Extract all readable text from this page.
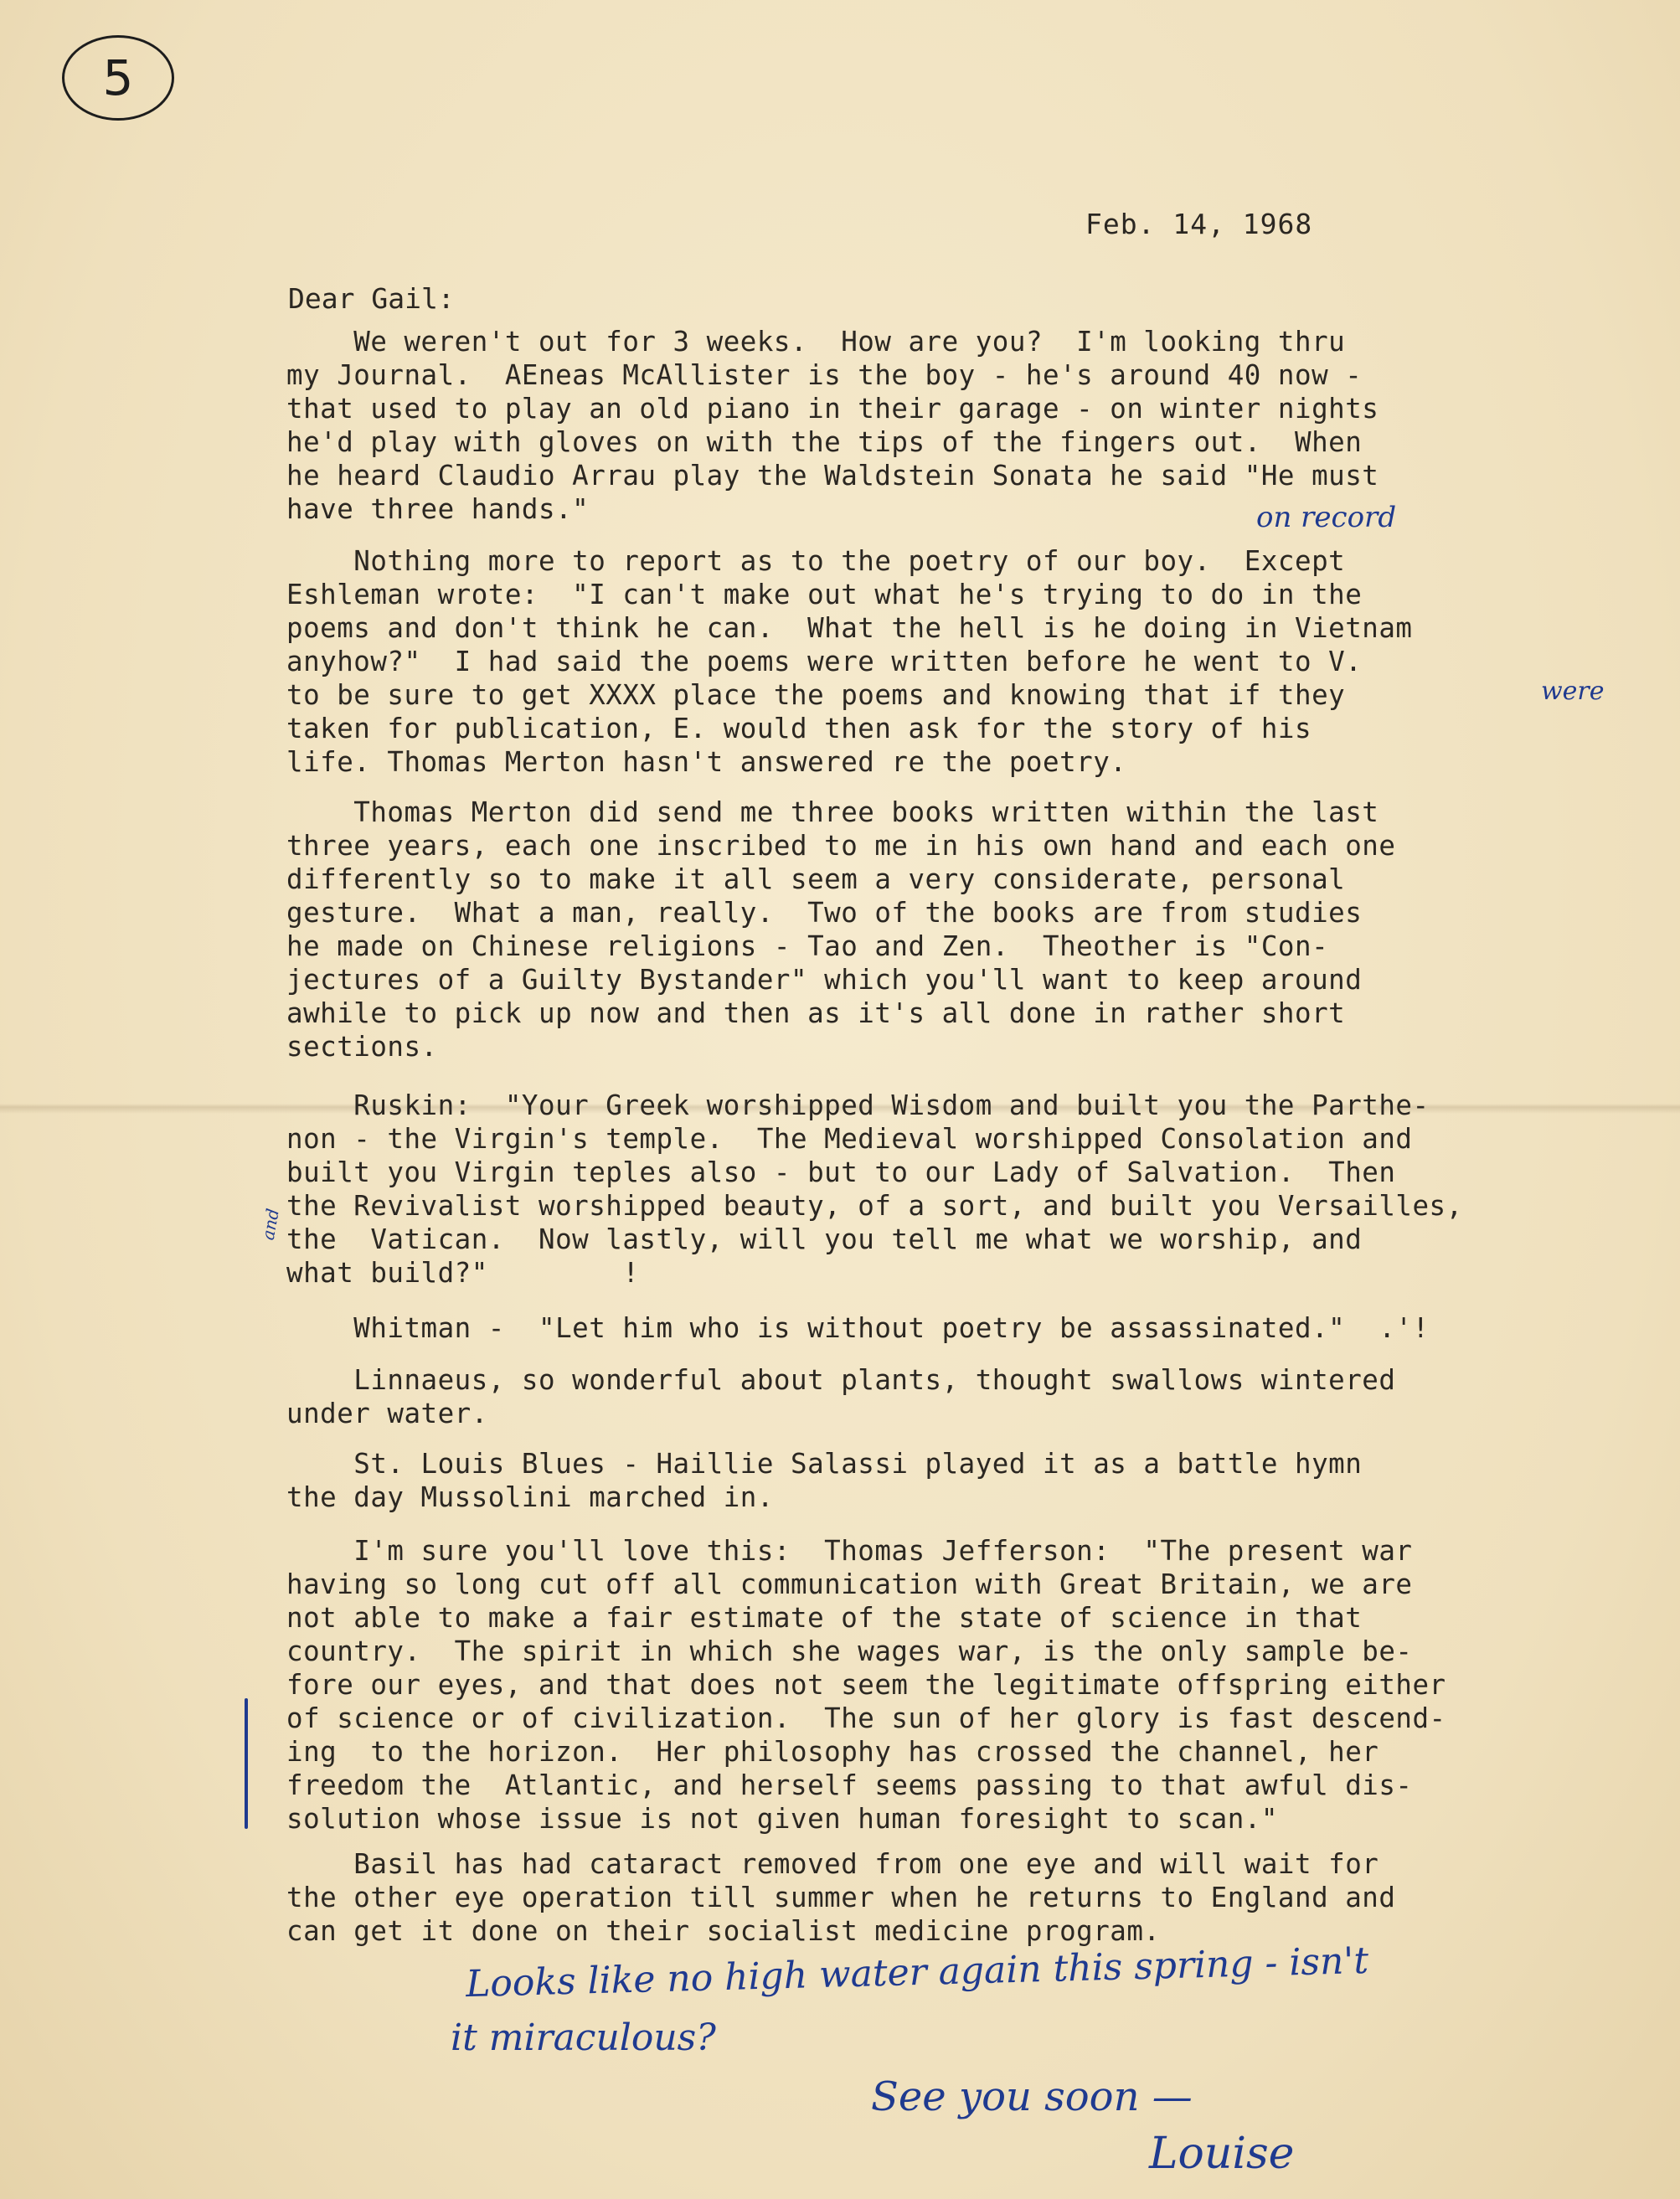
5
Feb. 14, 1968
Dear Gail:
We weren't out for 3 weeks.  How are you?  I'm looking thru
my Journal.  AEneas McAllister is the boy - he's around 40 now -
that used to play an old piano in their garage - on winter nights
he'd play with gloves on with the tips of the fingers out.  When
he heard Claudio Arrau play the Waldstein Sonata he said "He must
have three hands."	on record
Nothing more to report as to the poetry of our boy.  Except
Eshleman wrote:  "I can't make out what he's trying to do in the
poems and don't think he can.  What the hell is he doing in Vietnam
anyhow?"  I had said the poems were written before he went to V.
to be sure to get XXXX place the poems and knowing that if they
taken for publication, E. would then ask for the story of his
life. Thomas Merton hasn't answered re the poetry.
were
Thomas Merton did send me three books written within the last
three years, each one inscribed to me in his own hand and each one
differently so to make it all seem a very considerate, personal
gesture.  What a man, really.  Two of the books are from studies
he made on Chinese religions - Tao and Zen.  Theother is "Con-
jectures of a Guilty Bystander" which you'll want to keep around
awhile to pick up now and then as it's all done in rather short
sections.
Ruskin:  "Your Greek worshipped Wisdom and built you the Parthe-
non - the Virgin's temple.  The Medieval worshipped Consolation and
built you Virgin teples also - but to our Lady of Salvation.  Then
the Revivalist worshipped beauty, of a sort, and built you Versailles,
the  Vatican.  Now lastly, will you tell me what we worship, and
what build?"        !
and
Whitman -  "Let him who is without poetry be assassinated."  .'!
Linnaeus, so wonderful about plants, thought swallows wintered
under water.
St. Louis Blues - Haillie Salassi played it as a battle hymn
the day Mussolini marched in.
I'm sure you'll love this:  Thomas Jefferson:  "The present war
having so long cut off all communication with Great Britain, we are
not able to make a fair estimate of the state of science in that
country.  The spirit in which she wages war, is the only sample be-
fore our eyes, and that does not seem the legitimate offspring either
of science or of civilization.  The sun of her glory is fast descend-
ing  to the horizon.  Her philosophy has crossed the channel, her
freedom the  Atlantic, and herself seems passing to that awful dis-
solution whose issue is not given human foresight to scan."
Basil has had cataract removed from one eye and will wait for
the other eye operation till summer when he returns to England and
can get it done on their socialist medicine program.
Looks like no high water again this spring - isn't
it miraculous?
See you soon —
Louise
